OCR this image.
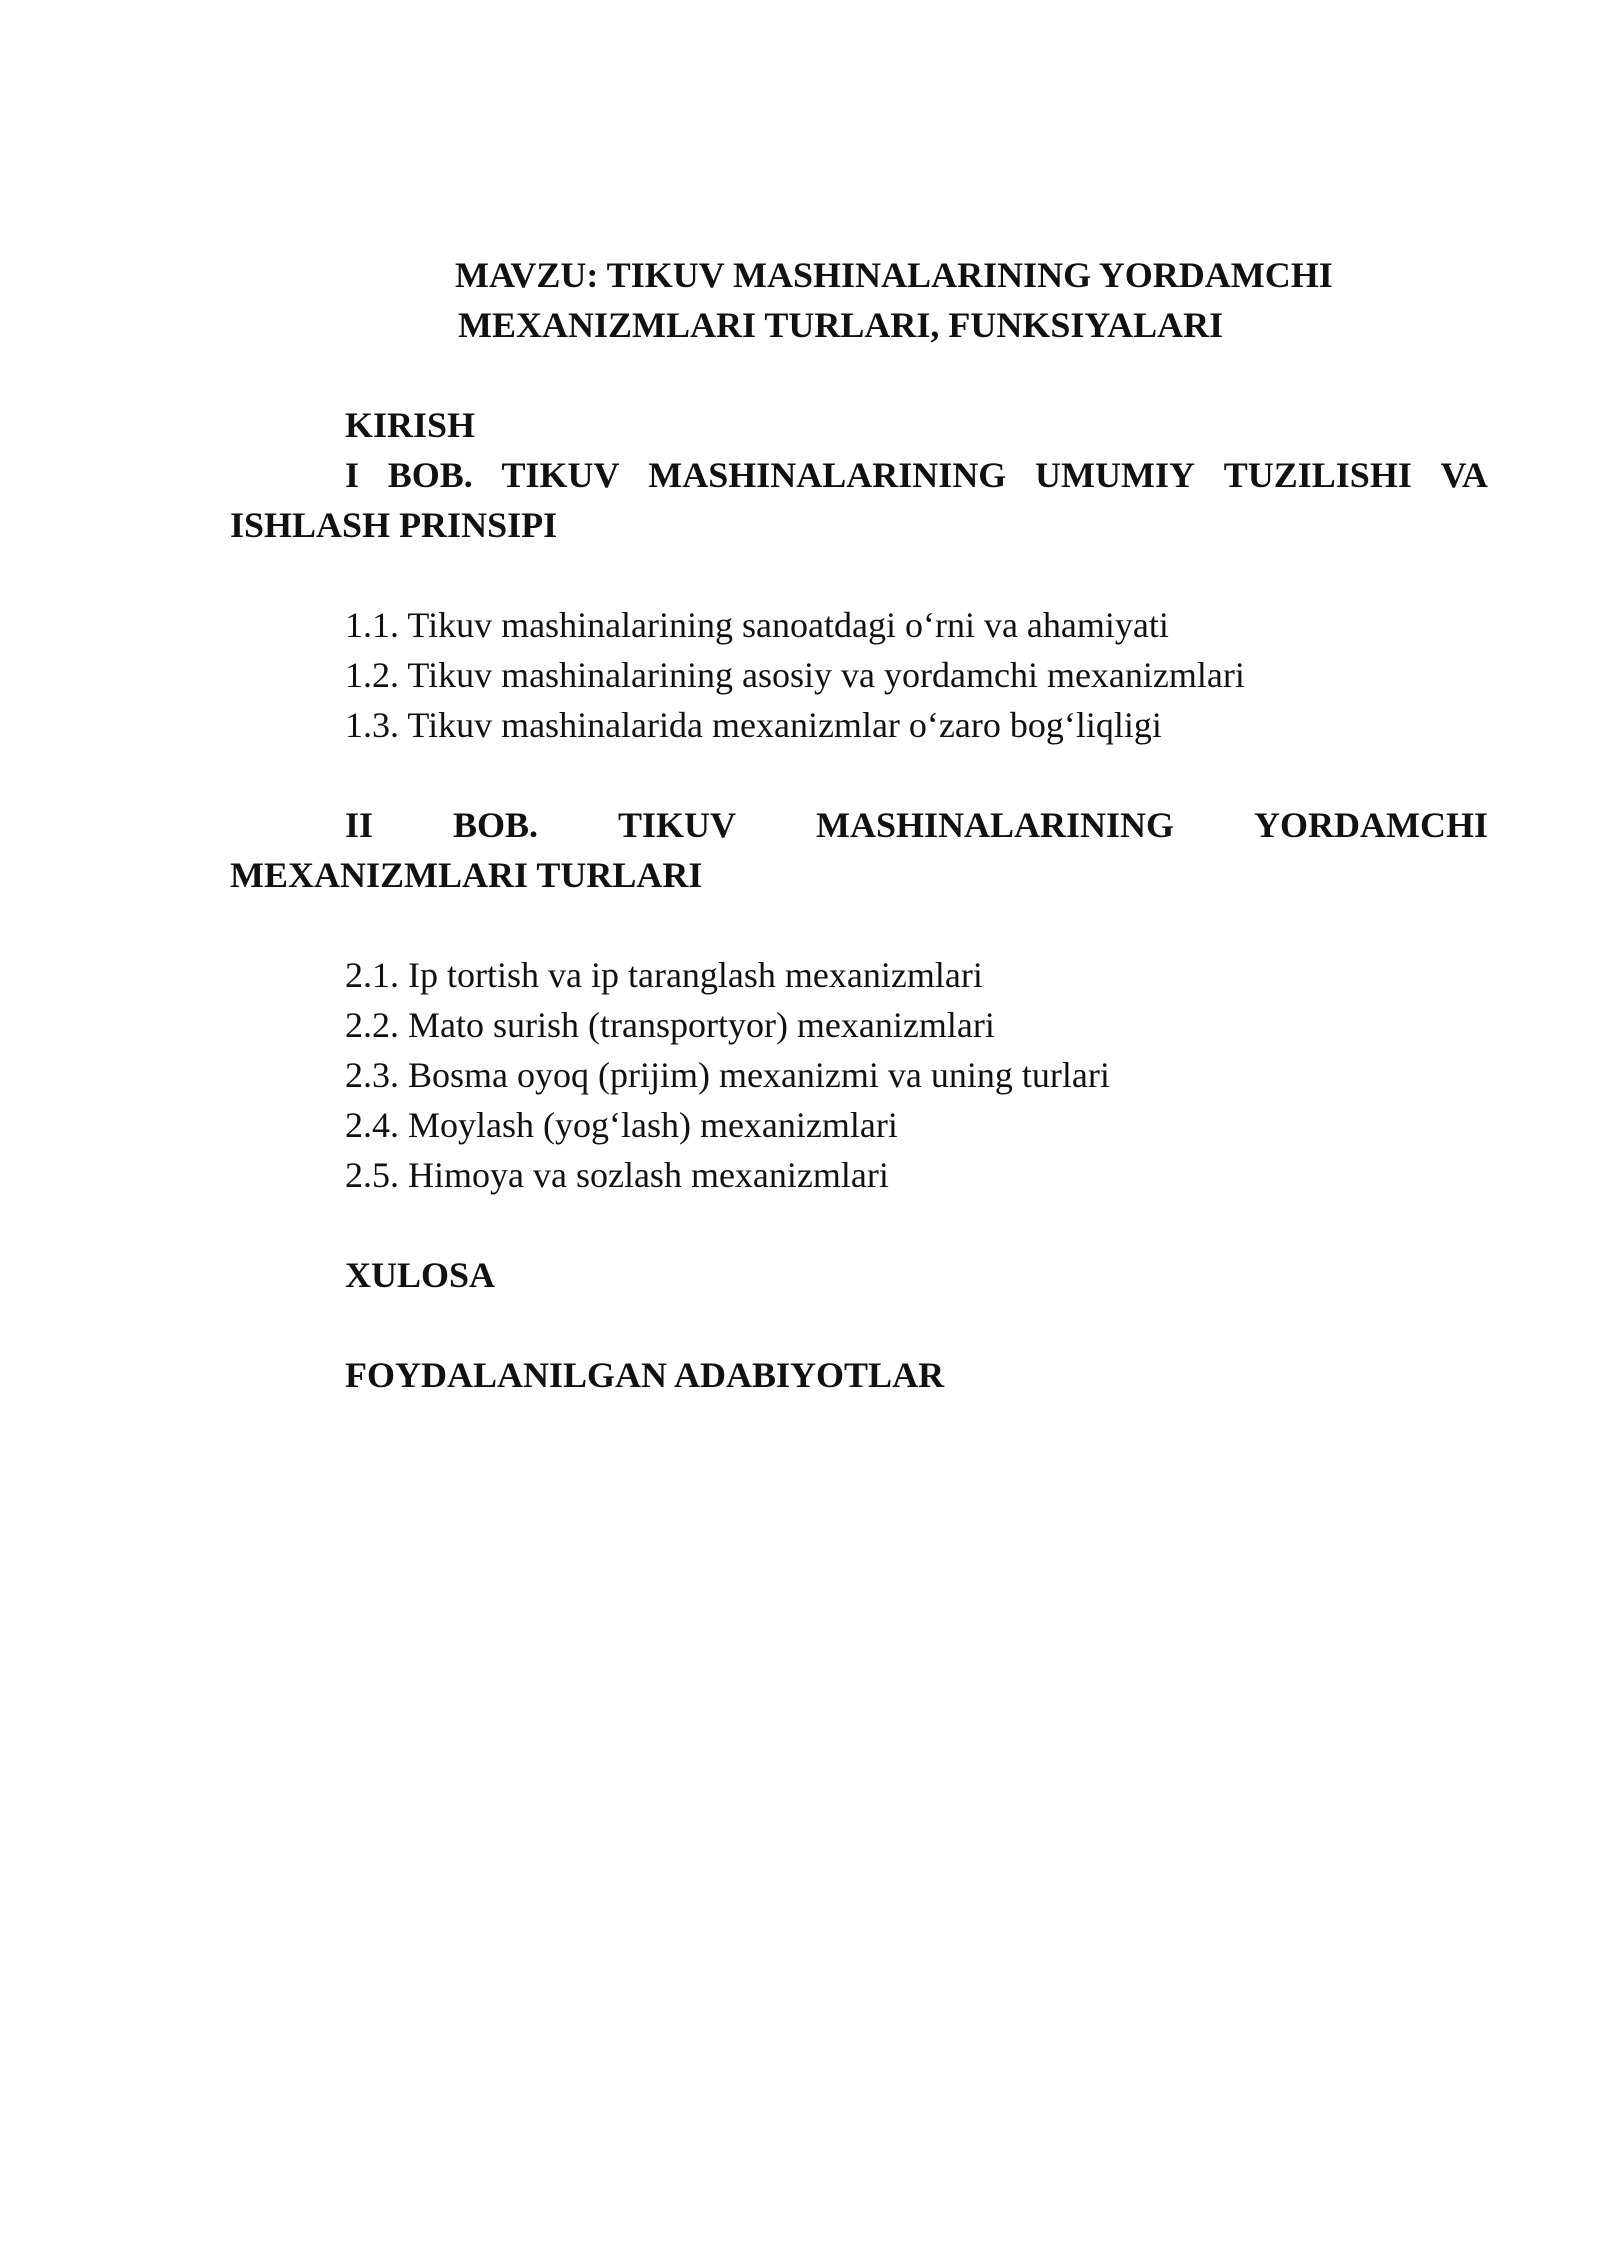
MAVZU: TIKUV MASHINALARINING YORDAMCHI
MEXANIZMLARI TURLARI, FUNKSIYALARI
KIRISH
I BOB. TIKUV MASHINALARINING UMUMIY TUZILISHI VA
ISHLASH PRINSIPI
1.1. Tikuv mashinalarining sanoatdagi o‘rni va ahamiyati
1.2. Tikuv mashinalarining asosiy va yordamchi mexanizmlari
1.3. Tikuv mashinalarida mexanizmlar o‘zaro bog‘liqligi
II BOB. TIKUV MASHINALARINING YORDAMCHI
MEXANIZMLARI TURLARI
2.1. Ip tortish va ip taranglash mexanizmlari
2.2. Mato surish (transportyor) mexanizmlari
2.3. Bosma oyoq (prijim) mexanizmi va uning turlari
2.4. Moylash (yog‘lash) mexanizmlari
2.5. Himoya va sozlash mexanizmlari
XULOSA
FOYDALANILGAN ADABIYOTLAR
